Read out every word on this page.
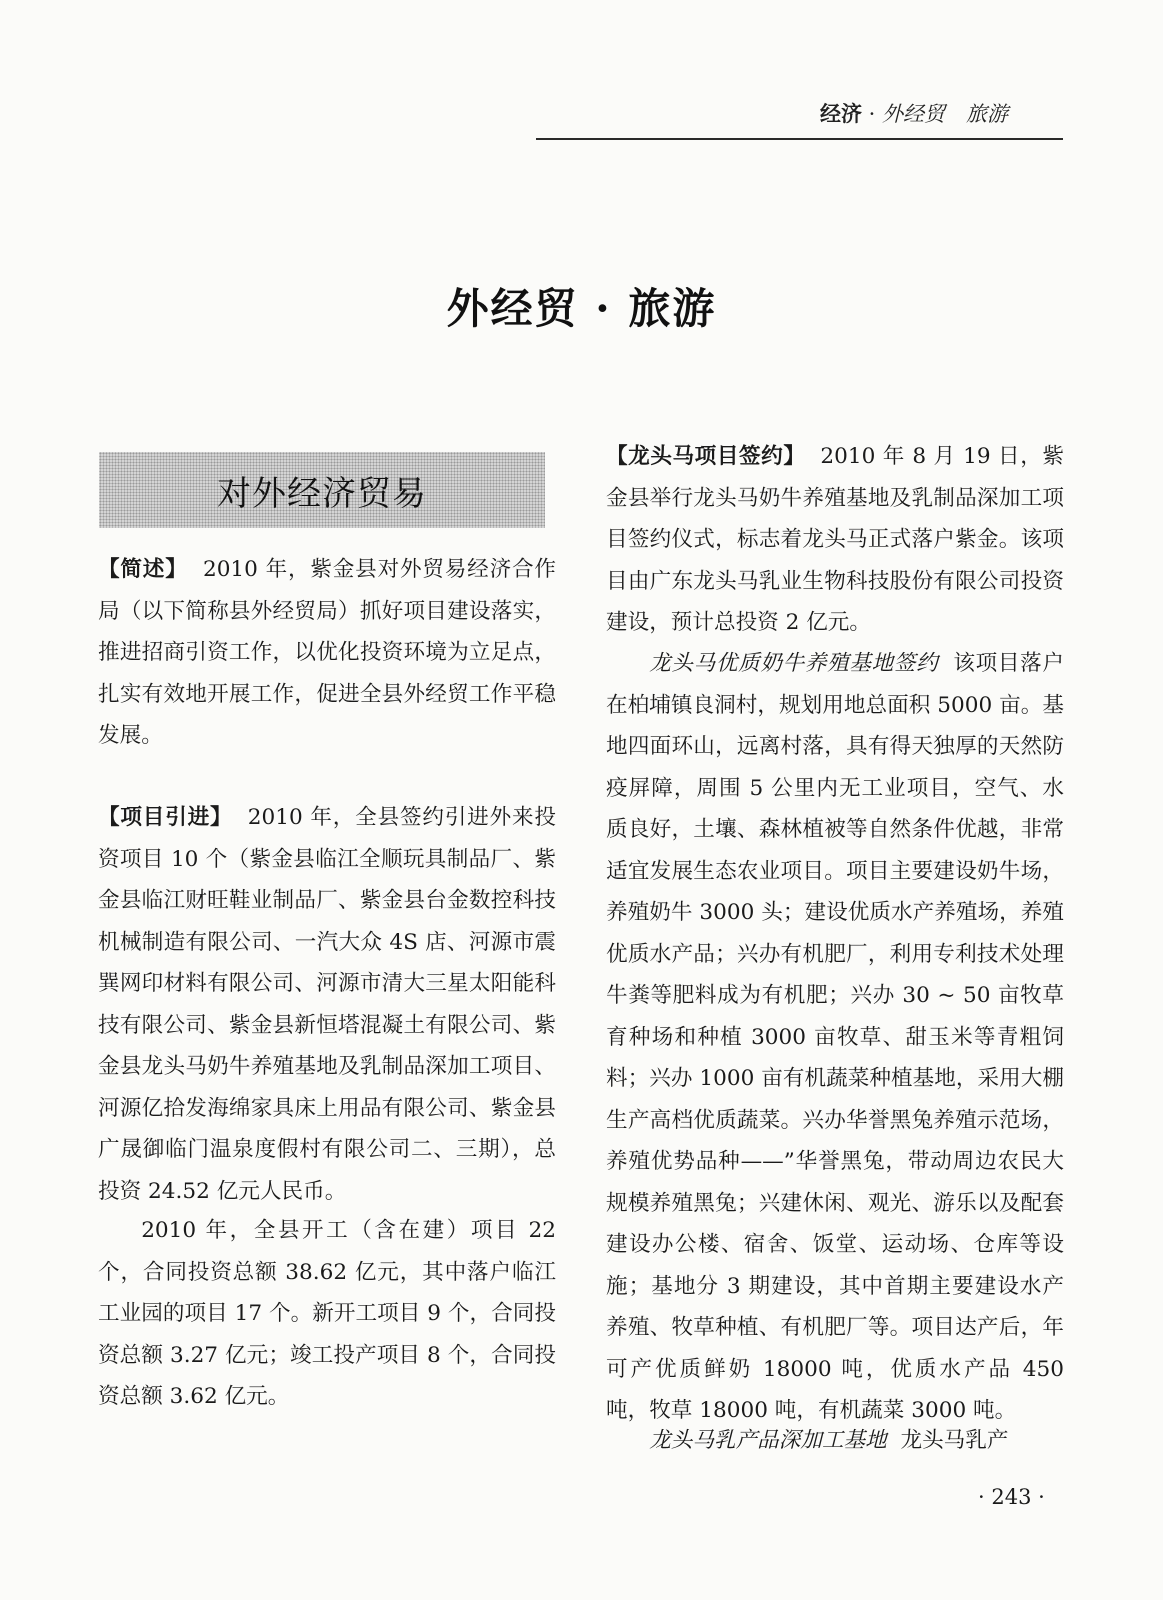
经济 · 外经贸　旅游
外经贸 · 旅游
对外经济贸易

【简述】 2010 年，紫金县对外贸易经济合作局（以下简称县外经贸局）抓好项目建设落实，推进招商引资工作，以优化投资环境为立足点，扎实有效地开展工作，促进全县外经贸工作平稳发展。

【项目引进】 2010 年，全县签约引进外来投资项目 10 个（紫金县临江全顺玩具制品厂、紫金县临江财旺鞋业制品厂、紫金县台金数控科技机械制造有限公司、一汽大众 4S 店、河源市震巽网印材料有限公司、河源市清大三星太阳能科技有限公司、紫金县新恒塔混凝土有限公司、紫金县龙头马奶牛养殖基地及乳制品深加工项目、河源亿拾发海绵家具床上用品有限公司、紫金县广晟御临门温泉度假村有限公司二、三期），总投资 24.52 亿元人民币。

2010 年，全县开工（含在建）项目 22 个，合同投资总额 38.62 亿元，其中落户临江工业园的项目 17 个。新开工项目 9 个，合同投资总额 3.27 亿元；竣工投产项目 8 个，合同投资总额 3.62 亿元。

【龙头马项目签约】 2010 年 8 月 19 日，紫金县举行龙头马奶牛养殖基地及乳制品深加工项目签约仪式，标志着龙头马正式落户紫金。该项目由广东龙头马乳业生物科技股份有限公司投资建设，预计总投资 2 亿元。

龙头马优质奶牛养殖基地签约 该项目落户在柏埔镇良洞村，规划用地总面积 5000 亩。基地四面环山，远离村落，具有得天独厚的天然防疫屏障，周围 5 公里内无工业项目，空气、水质良好，土壤、森林植被等自然条件优越，非常适宜发展生态农业项目。项目主要建设奶牛场，养殖奶牛 3000 头；建设优质水产养殖场，养殖优质水产品；兴办有机肥厂，利用专利技术处理牛粪等肥料成为有机肥；兴办 30 ~ 50 亩牧草育种场和种植 3000 亩牧草、甜玉米等青粗饲料；兴办 1000 亩有机蔬菜种植基地，采用大棚生产高档优质蔬菜。兴办华誉黑兔养殖示范场，养殖优势品种——”华誉黑兔，带动周边农民大规模养殖黑兔；兴建休闲、观光、游乐以及配套建设办公楼、宿舍、饭堂、运动场、仓库等设施；基地分 3 期建设，其中首期主要建设水产养殖、牧草种植、有机肥厂等。项目达产后，年可产优质鲜奶 18000 吨，优质水产品 450 吨，牧草 18000 吨，有机蔬菜 3000 吨。

龙头马乳产品深加工基地 龙头马乳产

· 243 ·
